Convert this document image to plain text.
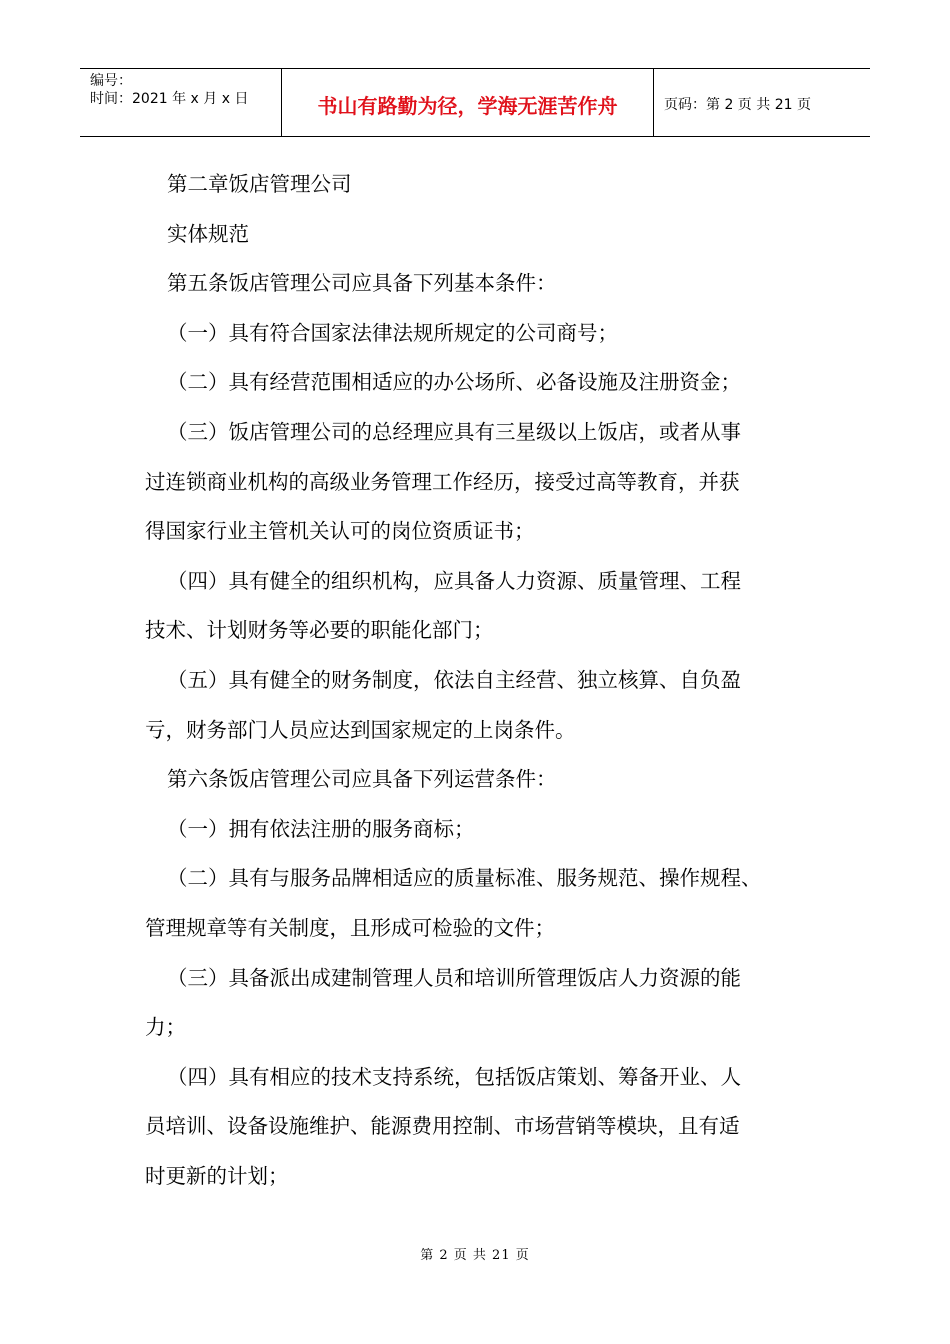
编号：
时间：2021 年 x 月 x 日	书山有路勤为径，学海无涯苦作舟	页码：第 2 页 共 21 页
第二章饭店管理公司
实体规范
第五条饭店管理公司应具备下列基本条件：
（一）具有符合国家法律法规所规定的公司商号；
（二）具有经营范围相适应的办公场所、必备设施及注册资金；
（三）饭店管理公司的总经理应具有三星级以上饭店，或者从事
过连锁商业机构的高级业务管理工作经历，接受过高等教育，并获
得国家行业主管机关认可的岗位资质证书；
（四）具有健全的组织机构，应具备人力资源、质量管理、工程
技术、计划财务等必要的职能化部门；
（五）具有健全的财务制度，依法自主经营、独立核算、自负盈
亏，财务部门人员应达到国家规定的上岗条件。
第六条饭店管理公司应具备下列运营条件：
（一）拥有依法注册的服务商标；
（二）具有与服务品牌相适应的质量标准、服务规范、操作规程、
管理规章等有关制度，且形成可检验的文件；
（三）具备派出成建制管理人员和培训所管理饭店人力资源的能
力；
（四）具有相应的技术支持系统，包括饭店策划、筹备开业、人
员培训、设备设施维护、能源费用控制、市场营销等模块，且有适
时更新的计划；
第 2 页 共 21 页
